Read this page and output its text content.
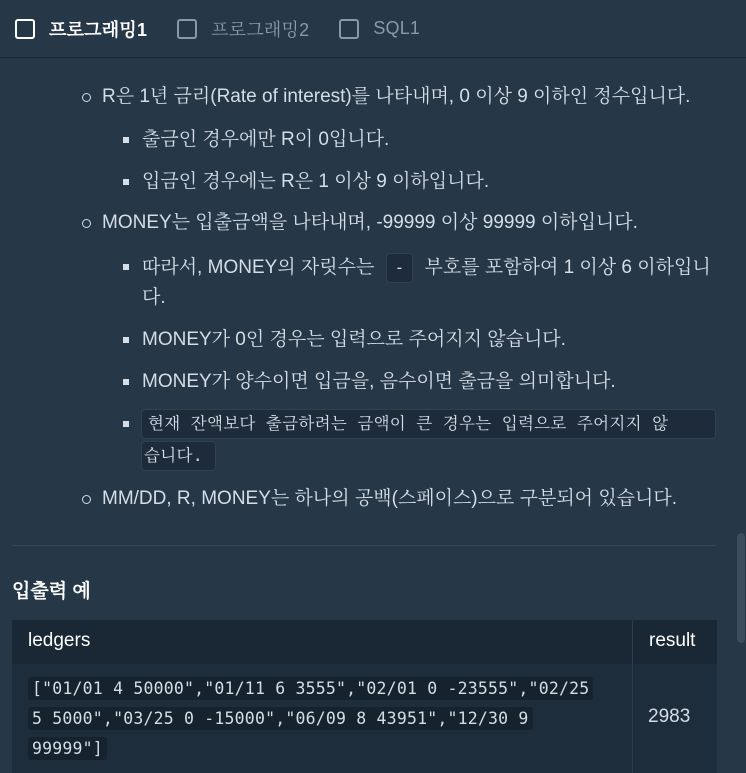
프로그래밍1	프로그래밍2	SQL1
R은 1년 금리(Rate of interest)를 나타내며, 0 이상 9 이하인 정수입니다.
출금인 경우에만 R이 0입니다.
입금인 경우에는 R은 1 이상 9 이하입니다.
MONEY는 입출금액을 나타내며, -99999 이상 99999 이하입니다.
따라서, MONEY의 자릿수는 - 부호를 포함하여 1 이상 6 이하입니
다.
MONEY가 0인 경우는 입력으로 주어지지 않습니다.
MONEY가 양수이면 입금을, 음수이면 출금을 의미합니다.
현재 잔액보다 출금하려는 금액이 큰 경우는 입력으로 주어지지 않
습니다.
MM/DD, R, MONEY는 하나의 공백(스페이스)으로 구분되어 있습니다.
입출력 예
ledgers	result
["01/01 4 50000","01/11 6 3555","02/01 0 -23555","02/25
5 5000","03/25 0 -15000","06/09 8 43951","12/30 9
99999"]
2983
